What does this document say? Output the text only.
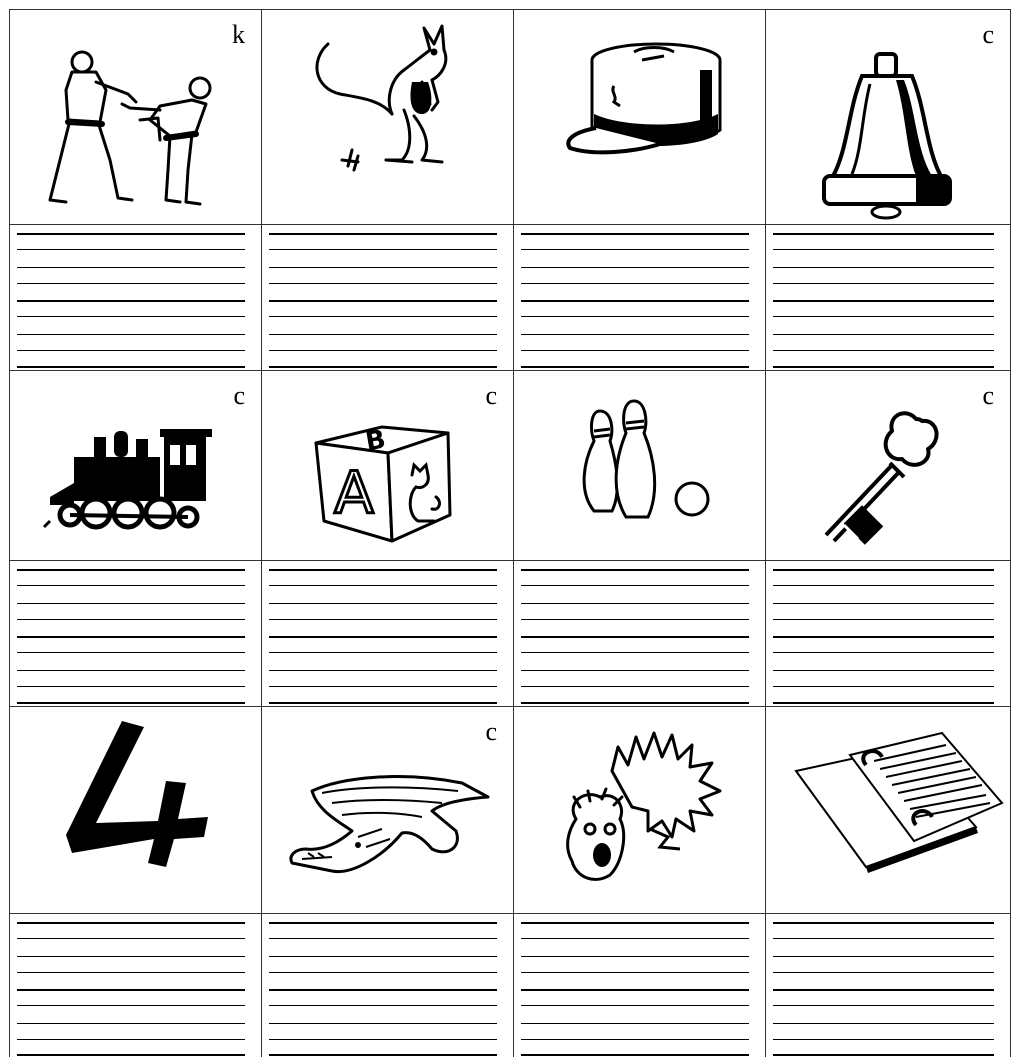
k	c
c	c
B
A
c
c
